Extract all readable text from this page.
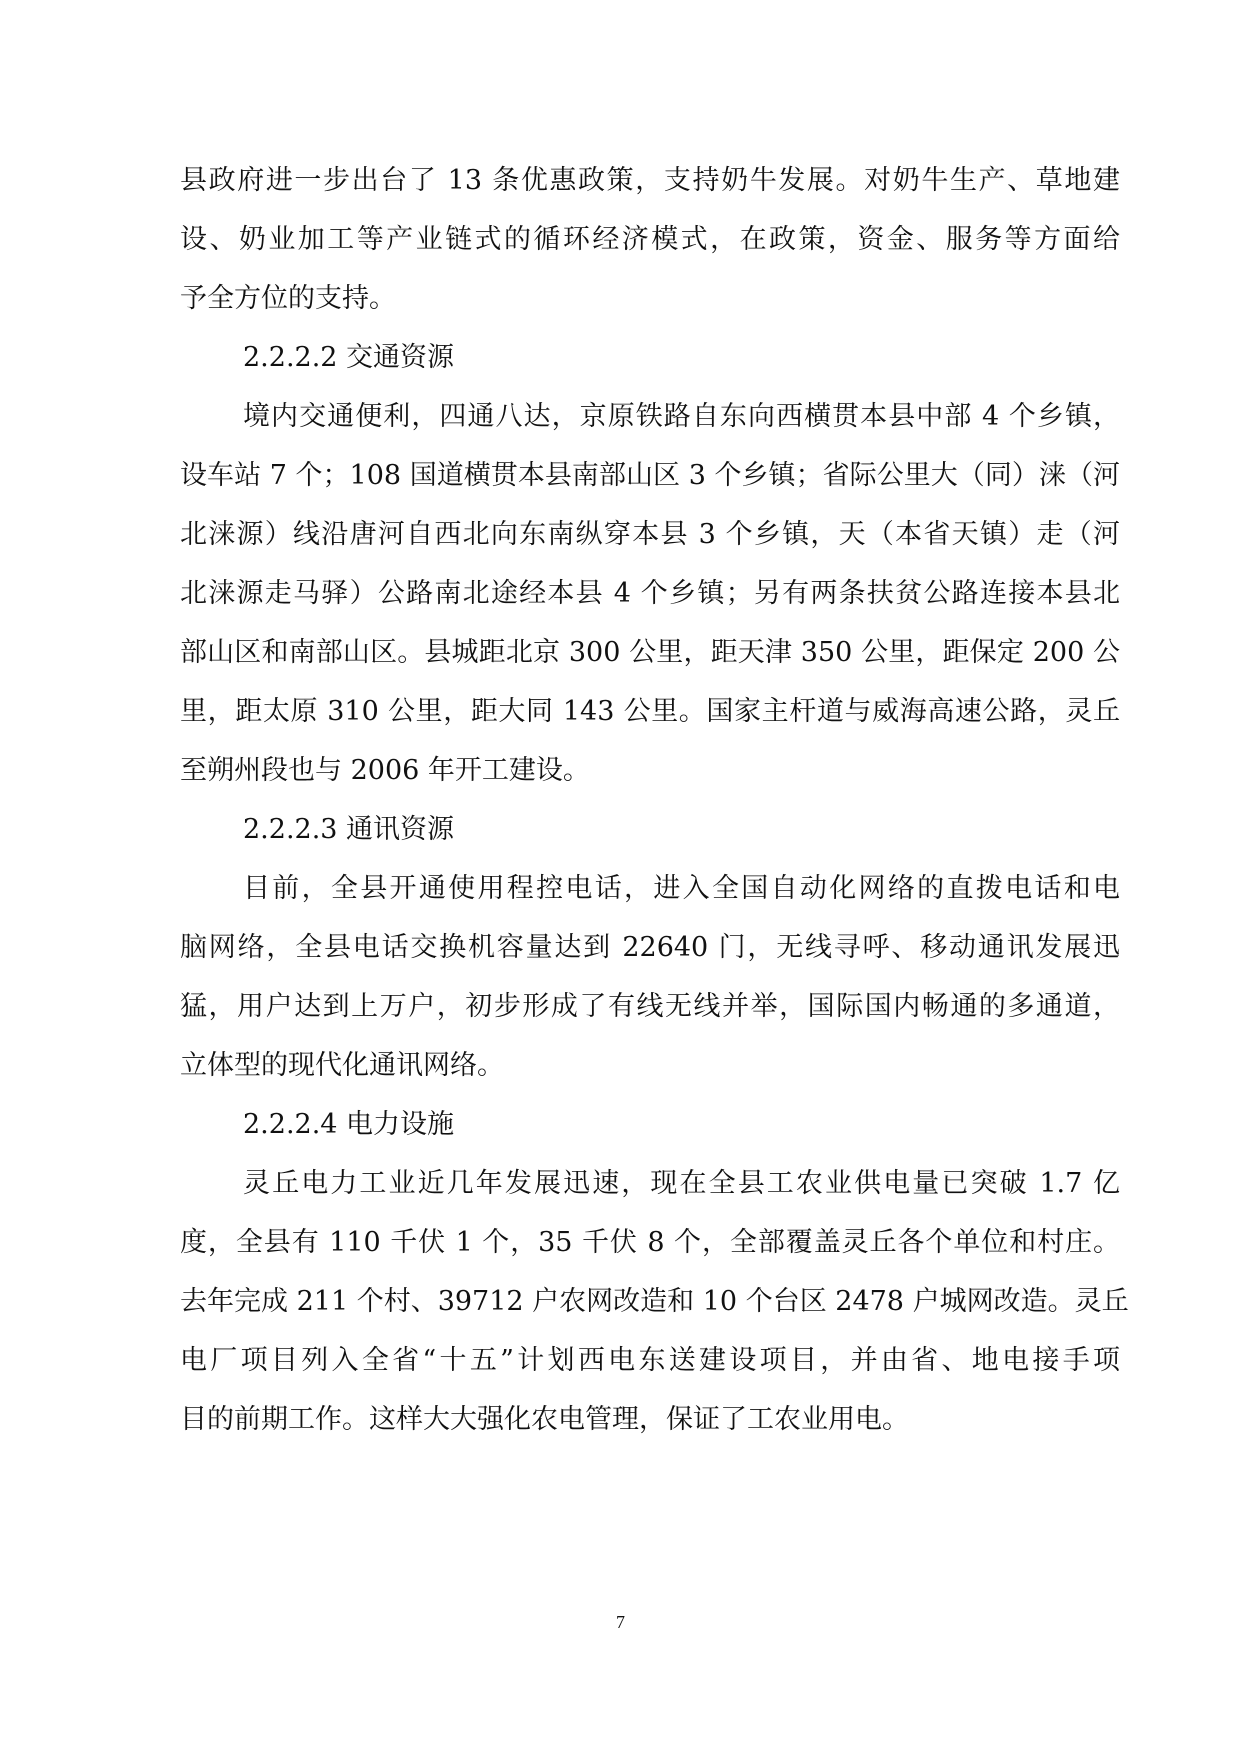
县政府进一步出台了 13 条优惠政策，支持奶牛发展。对奶牛生产、草地建
设、奶业加工等产业链式的循环经济模式，在政策，资金、服务等方面给
予全方位的支持。
2.2.2.2 交通资源
境内交通便利，四通八达，京原铁路自东向西横贯本县中部 4 个乡镇，
设车站 7 个；108 国道横贯本县南部山区 3 个乡镇；省际公里大（同）涞（河
北涞源）线沿唐河自西北向东南纵穿本县 3 个乡镇，天（本省天镇）走（河
北涞源走马驿）公路南北途经本县 4 个乡镇；另有两条扶贫公路连接本县北
部山区和南部山区。县城距北京 300 公里，距天津 350 公里，距保定 200 公
里，距太原 310 公里，距大同 143 公里。国家主杆道与威海高速公路，灵丘
至朔州段也与 2006 年开工建设。
2.2.2.3 通讯资源
目前，全县开通使用程控电话，进入全国自动化网络的直拨电话和电
脑网络，全县电话交换机容量达到 22640 门，无线寻呼、移动通讯发展迅
猛，用户达到上万户，初步形成了有线无线并举，国际国内畅通的多通道，
立体型的现代化通讯网络。
2.2.2.4 电力设施
灵丘电力工业近几年发展迅速，现在全县工农业供电量已突破 1.7 亿
度，全县有 110 千伏 1 个，35 千伏 8 个，全部覆盖灵丘各个单位和村庄。
去年完成 211 个村、39712 户农网改造和 10 个台区 2478 户城网改造。灵丘
电厂项目列入全省“十五”计划西电东送建设项目，并由省、地电接手项
目的前期工作。这样大大强化农电管理，保证了工农业用电。
7
